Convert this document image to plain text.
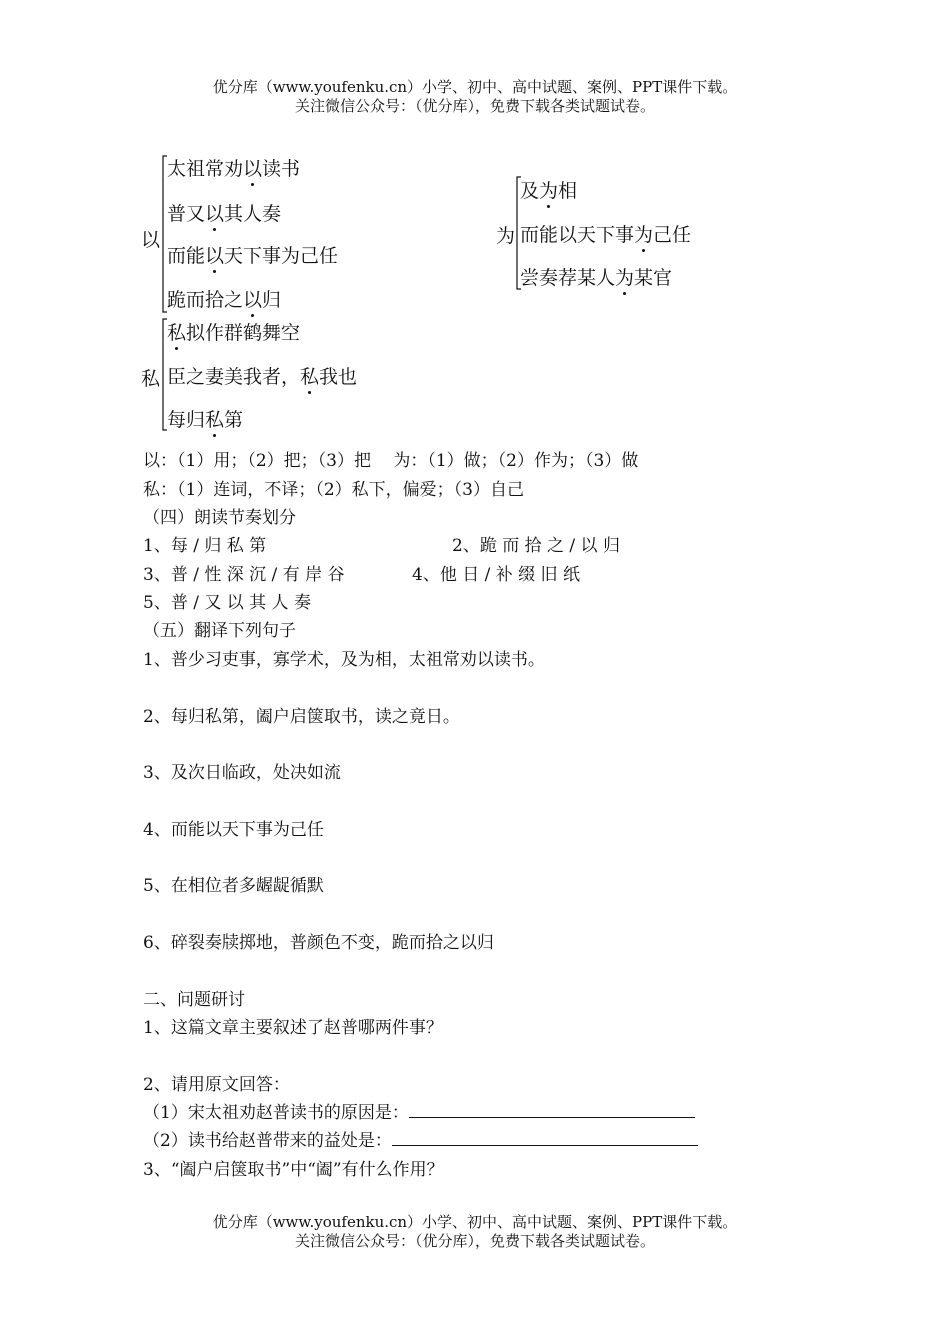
优分库（www.youfenku.cn）小学、初中、高中试题、案例、PPT课件下载。
关注微信公众号：（优分库），免费下载各类试题试卷。
以
太祖常劝以读书
普又以其人奏
而能以天下事为己任
跪而拾之以归
为
及为相
而能以天下事为己任
尝奏荐某人为某官
私
私拟作群鹤舞空
臣之妻美我者，私我也
每归私第
以：（1）用；（2）把；（3）把　 为：（1）做；（2）作为；（3）做
私：（1）连词，不译；（2）私下，偏爱；（3）自己
（四）朗读节奏划分
1、每 / 归 私 第	2、跪 而 拾 之 / 以 归
3、普 / 性 深 沉 / 有 岸 谷	4、他 日 / 补 缀 旧 纸
5、普 / 又 以 其 人 奏
（五）翻译下列句子
1、普少习吏事，寡学术，及为相，太祖常劝以读书。
2、每归私第，阖户启箧取书，读之竟日。
3、及次日临政，处决如流
4、而能以天下事为己任
5、在相位者多龌龊循默
6、碎裂奏牍掷地，普颜色不变，跪而拾之以归
二、问题研讨
1、这篇文章主要叙述了赵普哪两件事？
2、请用原文回答：
（1）宋太祖劝赵普读书的原因是：
（2）读书给赵普带来的益处是：
3、“阖户启箧取书”中“阖”有什么作用？
优分库（www.youfenku.cn）小学、初中、高中试题、案例、PPT课件下载。
关注微信公众号：（优分库），免费下载各类试题试卷。
